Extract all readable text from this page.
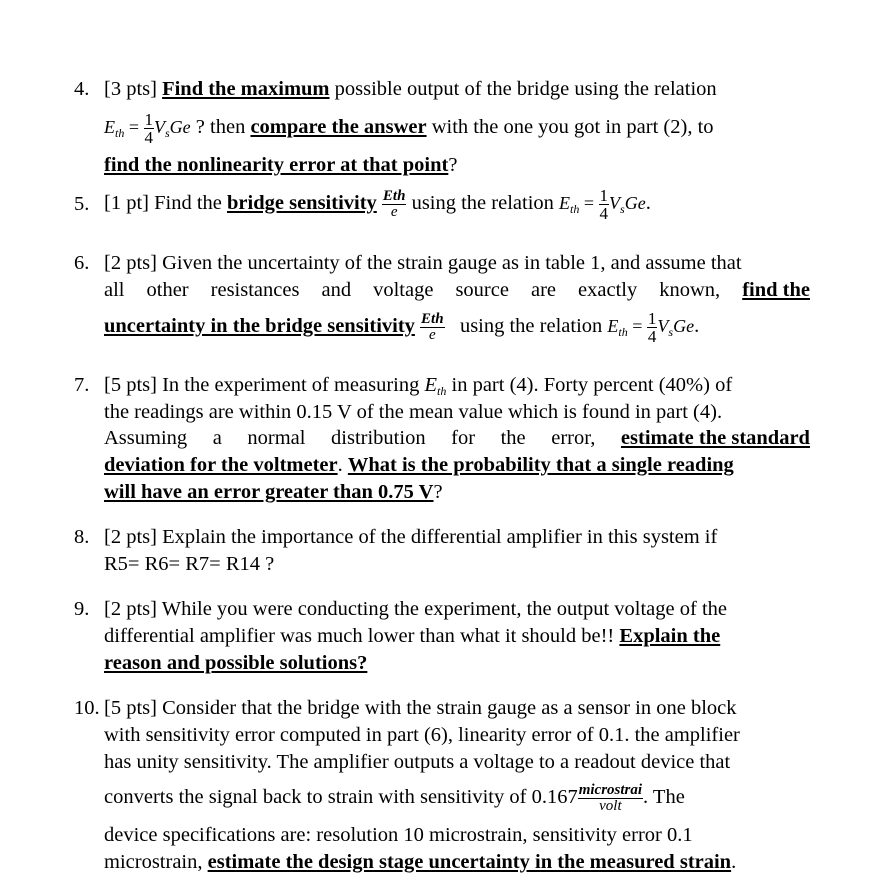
4. [3 pts] Find the maximum possible output of the bridge using the relation
$E_{th} = \frac{1}{4} V_sGe$ ? then compare the answer with the one you got in part (2), to
find the nonlinearity error at that point?
5. [1 pt] Find the bridge sensitivity $\frac{\text{Eth}}{e}$ using the relation $E_{th} = \frac{1}{4} V_sGe$.
6. [2 pts] Given the uncertainty of the strain gauge as in table 1, and assume that
all other resistances and voltage source are exactly known, find the
uncertainty in the bridge sensitivity $\frac{\text{Eth}}{e}$ using the relation $E_{th} = \frac{1}{4} V_sGe$.
7. [5 pts] In the experiment of measuring $E_{th}$ in part (4). Forty percent (40%) of
the readings are within 0.15 V of the mean value which is found in part (4).
Assuming a normal distribution for the error, estimate the standard
deviation for the voltmeter. What is the probability that a single reading
will have an error greater than 0.75 V?
8. [2 pts] Explain the importance of the differential amplifier in this system if
R5= R6= R7= R14 ?
9. [2 pts] While you were conducting the experiment, the output voltage of the
differential amplifier was much lower than what it should be!! Explain the
reason and possible solutions?
10. [5 pts] Consider that the bridge with the strain gauge as a sensor in one block
with sensitivity error computed in part (6), linearity error of 0.1. the amplifier
has unity sensitivity. The amplifier outputs a voltage to a readout device that
converts the signal back to strain with sensitivity of $0.167 \frac{\text{microstrai}}{\text{volt}}$ . The
device specifications are: resolution 10 microstrain, sensitivity error 0.1
microstrain, estimate the design stage uncertainty in the measured strain.
